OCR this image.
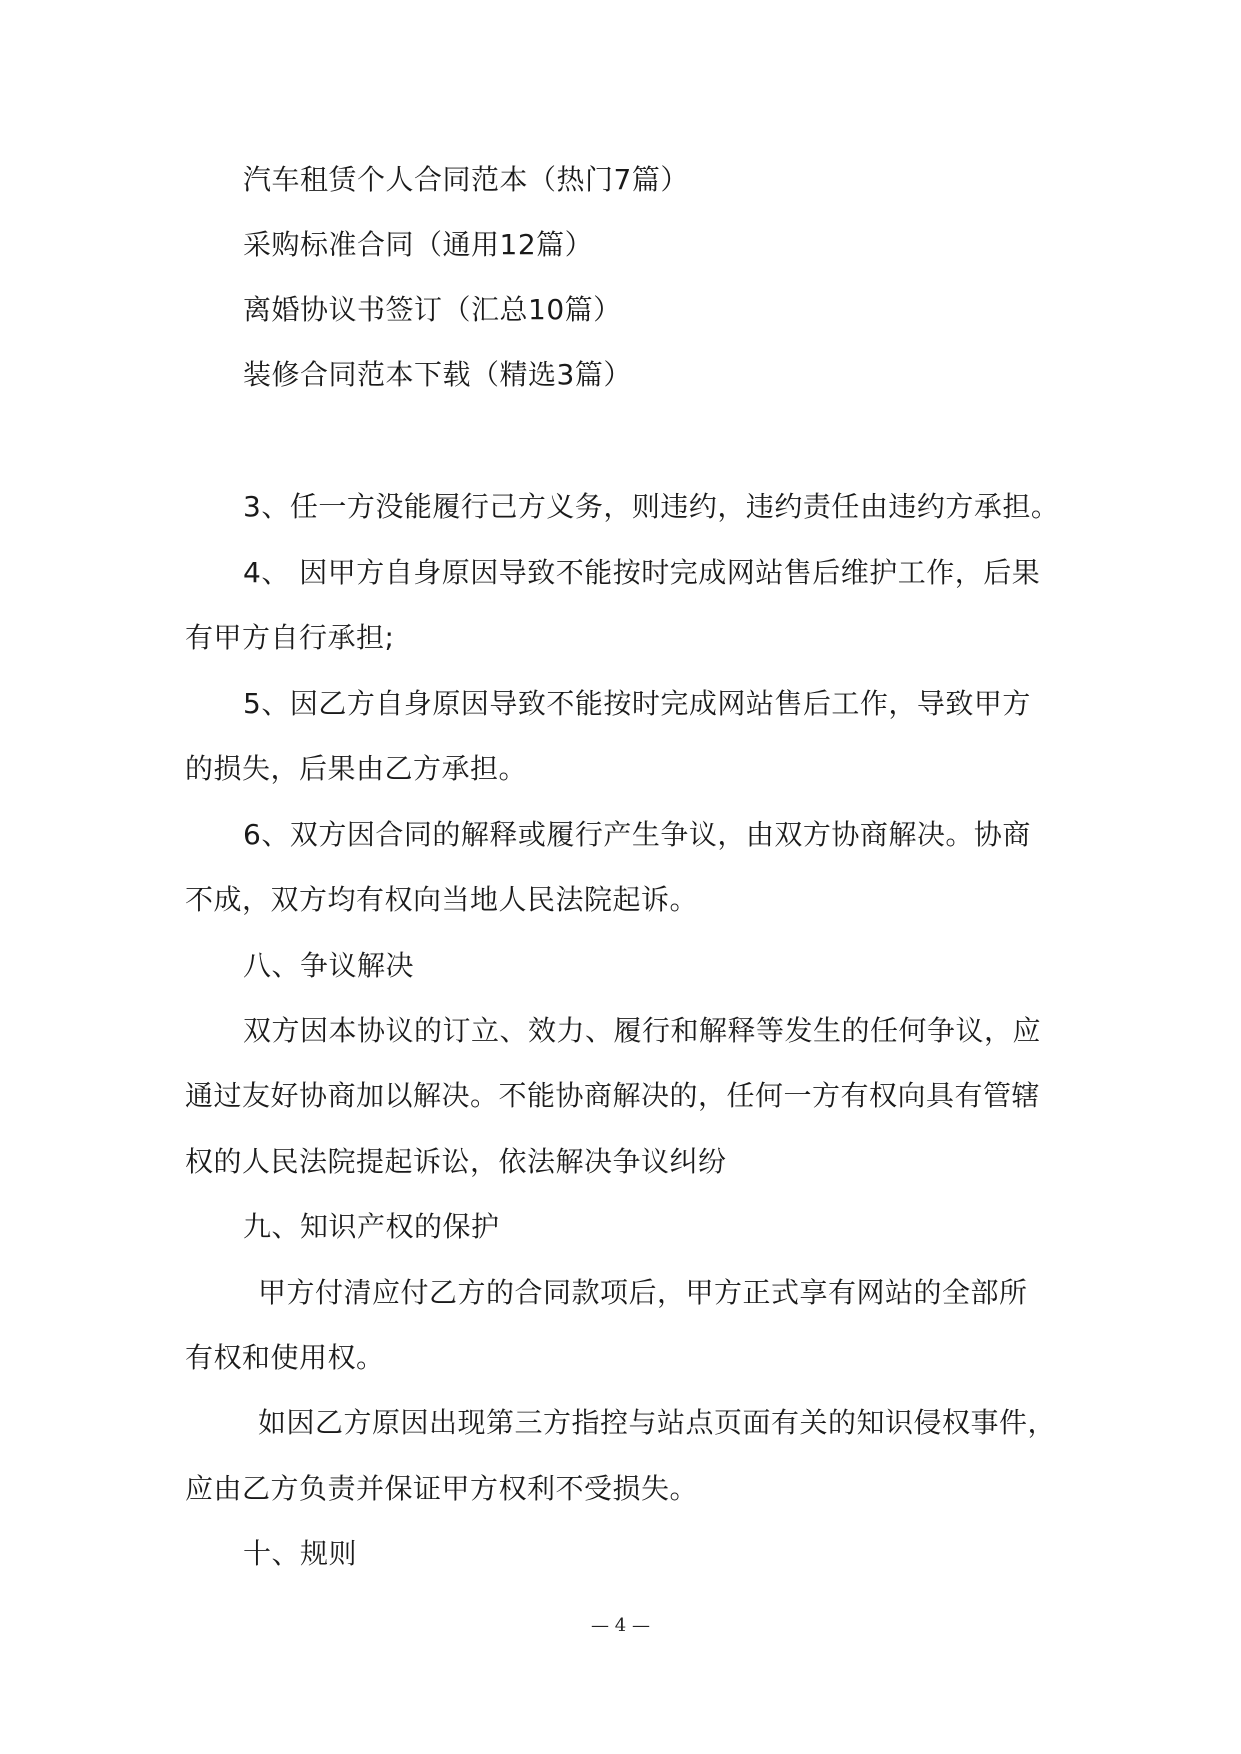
汽车租赁个人合同范本（热门7篇）
采购标准合同（通用12篇）
离婚协议书签订（汇总10篇）
装修合同范本下载（精选3篇）
3、任一方没能履行己方义务，则违约，违约责任由违约方承担。
4、 因甲方自身原因导致不能按时完成网站售后维护工作，后果
有甲方自行承担;
5、因乙方自身原因导致不能按时完成网站售后工作，导致甲方
的损失，后果由乙方承担。
6、双方因合同的解释或履行产生争议，由双方协商解决。协商
不成，双方均有权向当地人民法院起诉。
八、争议解决
双方因本协议的订立、效力、履行和解释等发生的任何争议，应
通过友好协商加以解决。不能协商解决的，任何一方有权向具有管辖
权的人民法院提起诉讼，依法解决争议纠纷
九、知识产权的保护
甲方付清应付乙方的合同款项后，甲方正式享有网站的全部所
有权和使用权。
如因乙方原因出现第三方指控与站点页面有关的知识侵权事件，
应由乙方负责并保证甲方权利不受损失。
十、规则
— 4 —
